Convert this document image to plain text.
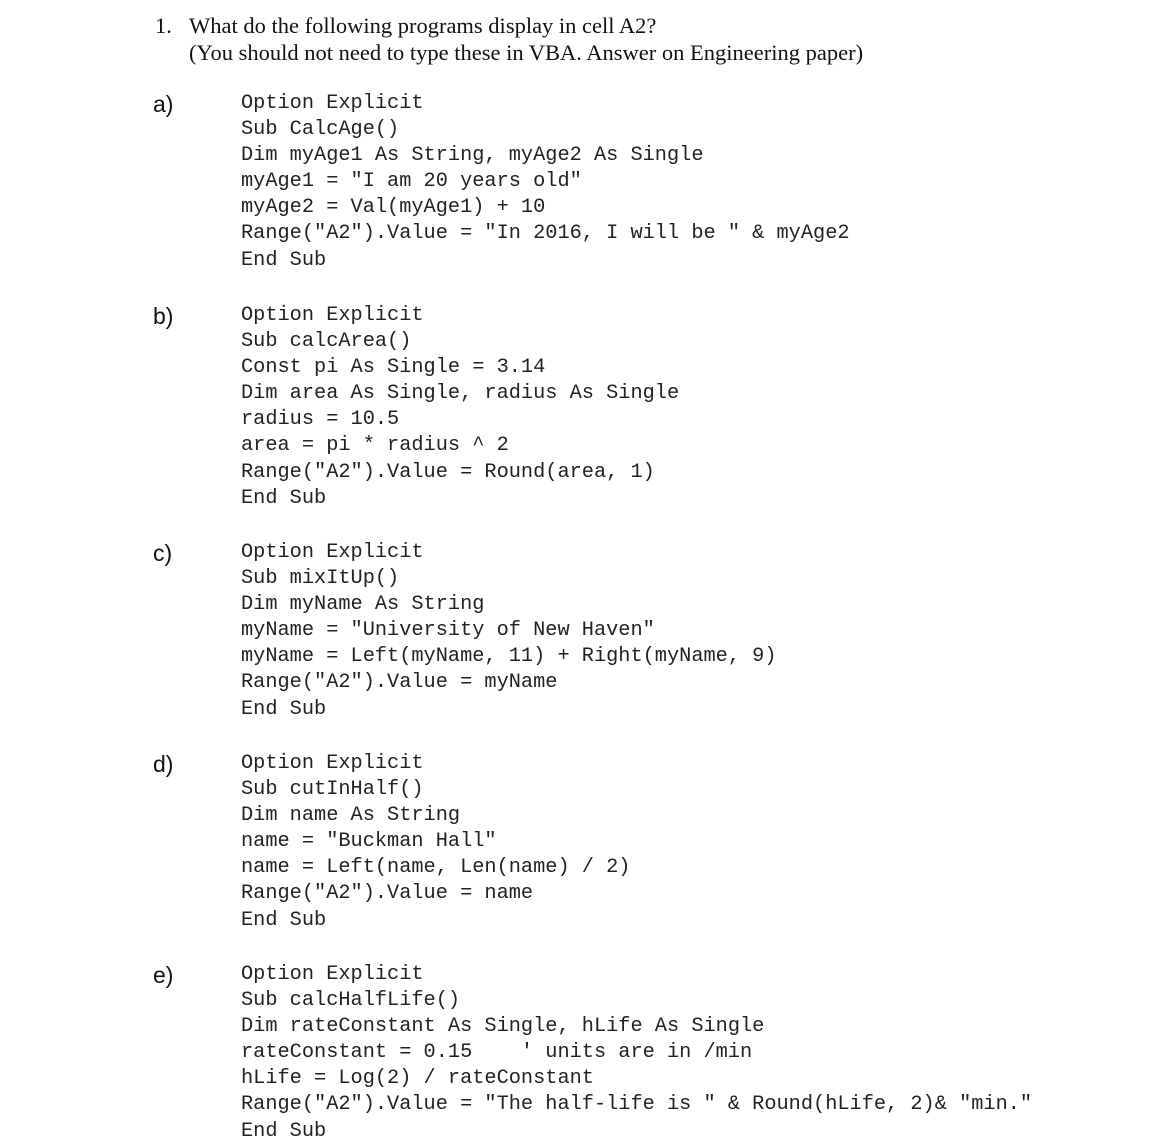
1. What do the following programs display in cell A2?
(You should not need to type these in VBA. Answer on Engineering paper)
a)	Option Explicit
Sub CalcAge()
Dim myAge1 As String, myAge2 As Single
myAge1 = "I am 20 years old"
myAge2 = Val(myAge1) + 10
Range("A2").Value = "In 2016, I will be " & myAge2
End Sub
b)	Option Explicit
Sub calcArea()
Const pi As Single = 3.14
Dim area As Single, radius As Single
radius = 10.5
area = pi * radius ^ 2
Range("A2").Value = Round(area, 1)
End Sub
c)	Option Explicit
Sub mixItUp()
Dim myName As String
myName = "University of New Haven"
myName = Left(myName, 11) + Right(myName, 9)
Range("A2").Value = myName
End Sub
d)	Option Explicit
Sub cutInHalf()
Dim name As String
name = "Buckman Hall"
name = Left(name, Len(name) / 2)
Range("A2").Value = name
End Sub
e)	Option Explicit
Sub calcHalfLife()
Dim rateConstant As Single, hLife As Single
rateConstant = 0.15    ' units are in /min
hLife = Log(2) / rateConstant
Range("A2").Value = "The half-life is " & Round(hLife, 2)& "min."
End Sub
